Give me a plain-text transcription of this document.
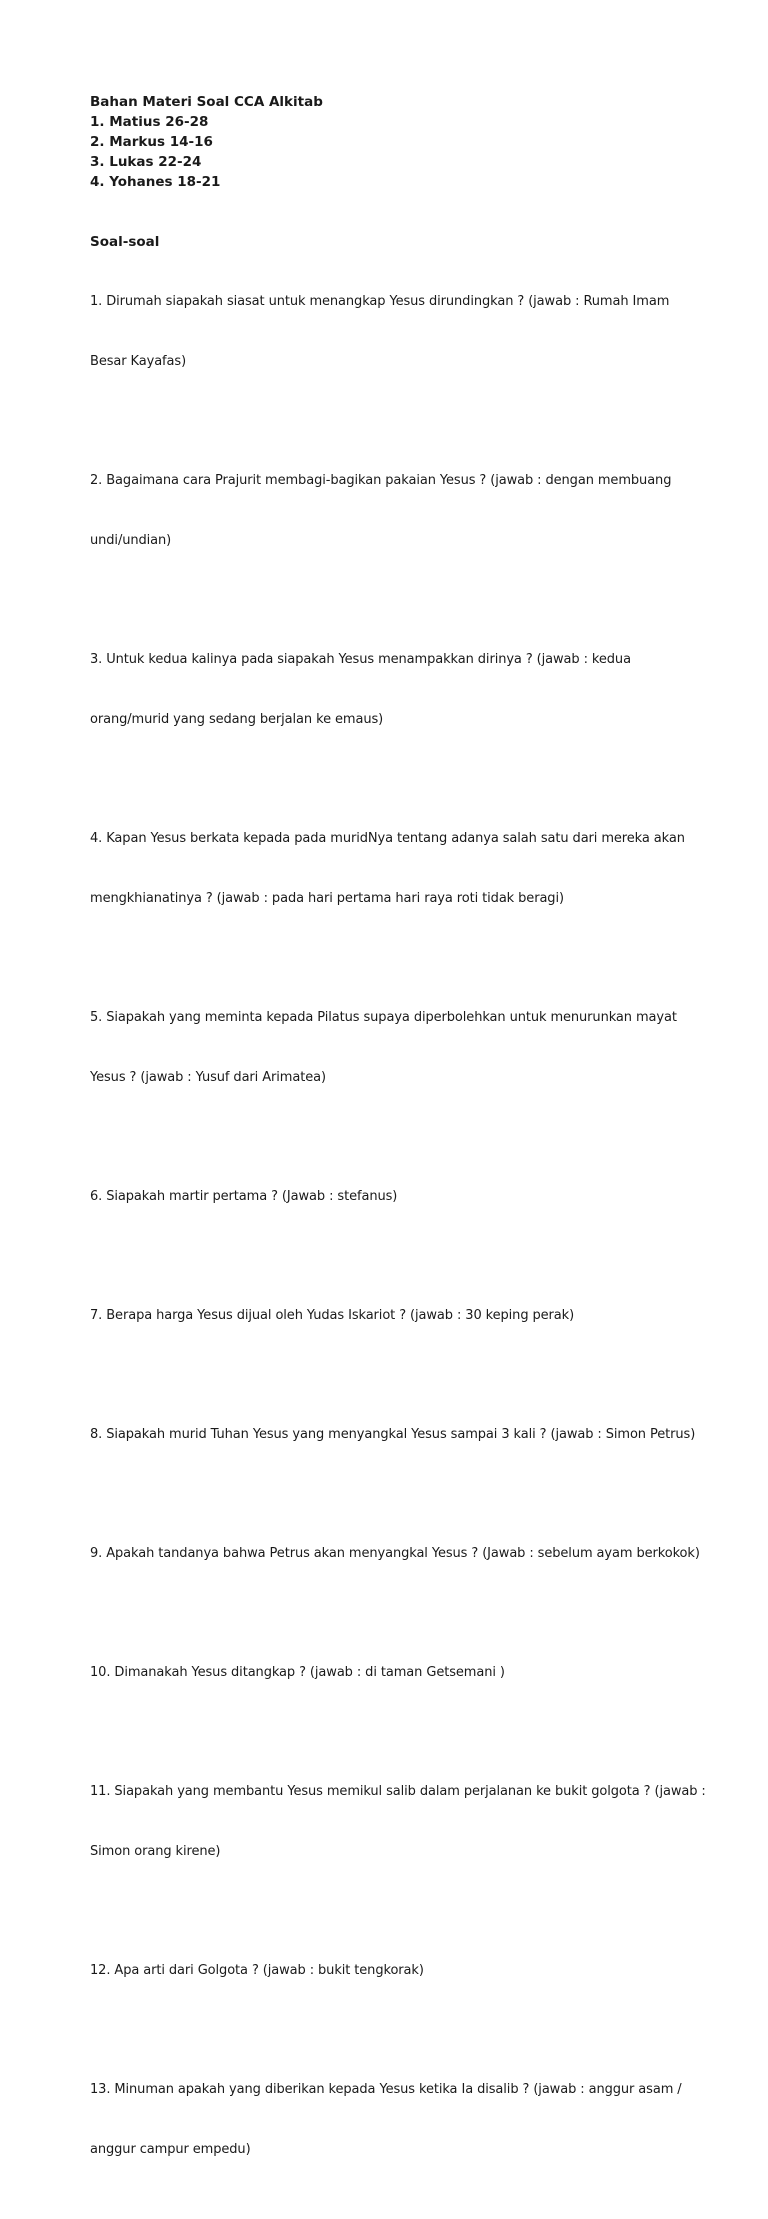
Bahan Materi Soal CCA Alkitab

1. Matius 26-28
2. Markus 14-16
3. Lukas 22-24
4. Yohanes 18-21

Soal-soal

1. Dirumah siapakah siasat untuk menangkap Yesus dirundingkan ? (jawab : Rumah Imam

Besar Kayafas)

2. Bagaimana cara Prajurit membagi-bagikan pakaian Yesus ? (jawab : dengan membuang

undi/undian)

3. Untuk kedua kalinya pada siapakah Yesus menampakkan dirinya ? (jawab : kedua

orang/murid yang sedang berjalan ke emaus)

4. Kapan Yesus berkata kepada pada muridNya tentang adanya salah satu dari mereka akan

mengkhianatinya ? (jawab : pada hari pertama hari raya roti tidak beragi)

5. Siapakah yang meminta kepada Pilatus supaya diperbolehkan untuk menurunkan mayat

Yesus ? (jawab : Yusuf dari Arimatea)

6. Siapakah martir pertama ? (Jawab : stefanus)

7. Berapa harga Yesus dijual oleh Yudas Iskariot ? (jawab : 30 keping perak)

8. Siapakah murid Tuhan Yesus yang menyangkal Yesus sampai 3 kali ? (jawab : Simon Petrus)

9. Apakah tandanya bahwa Petrus akan menyangkal Yesus ? (Jawab : sebelum ayam berkokok)

10. Dimanakah Yesus ditangkap ? (jawab : di taman Getsemani )

11. Siapakah yang membantu Yesus memikul salib dalam perjalanan ke bukit golgota ? (jawab :

Simon orang kirene)

12. Apa arti dari Golgota ? (jawab : bukit tengkorak)

13. Minuman apakah yang diberikan kepada Yesus ketika Ia disalib ? (jawab : anggur asam /

anggur campur empedu)
